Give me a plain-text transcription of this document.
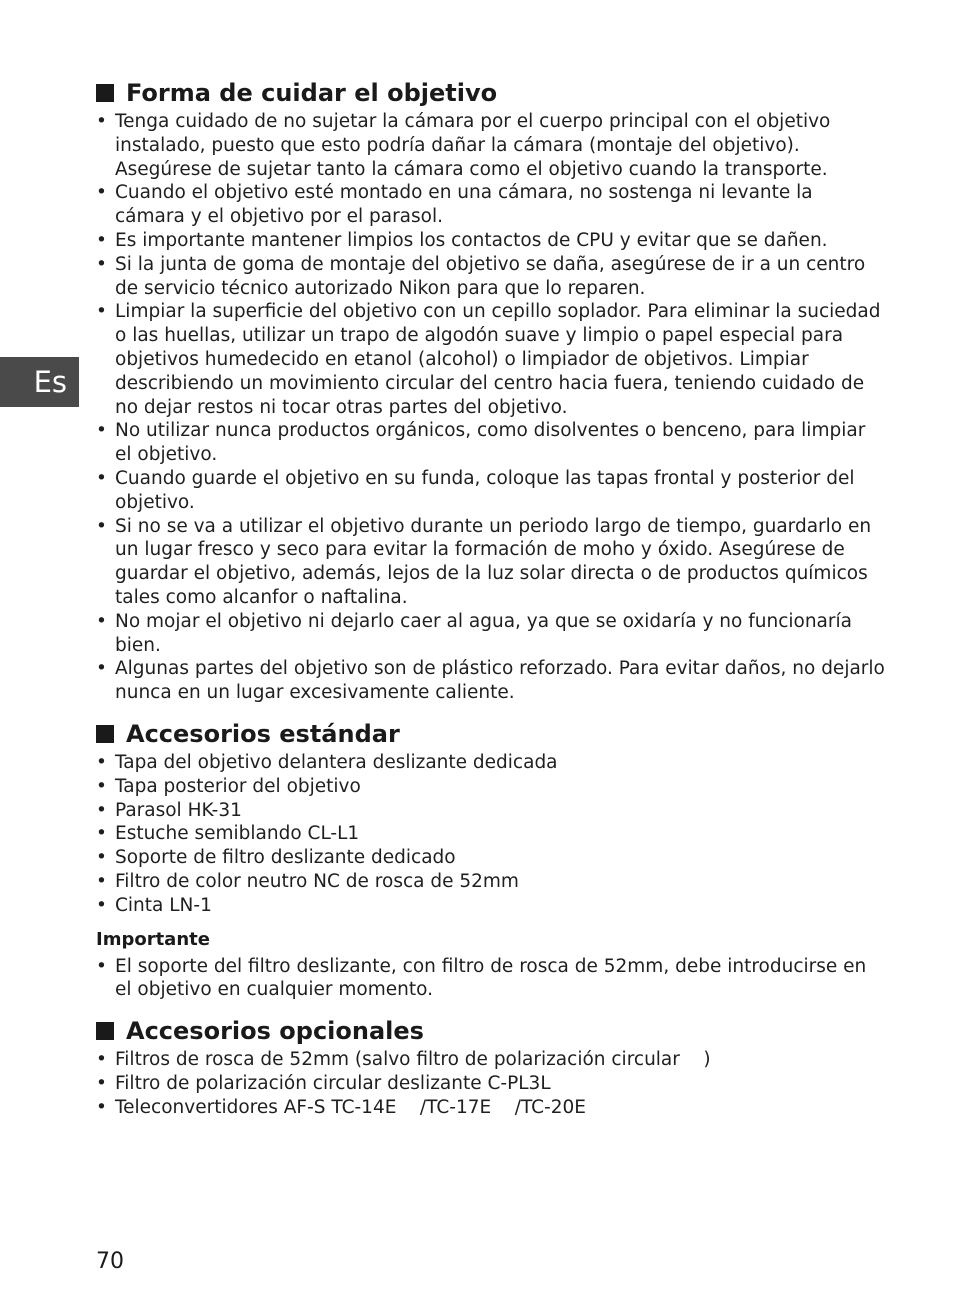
Es
Forma de cuidar el objetivo
• Tenga cuidado de no sujetar la cámara por el cuerpo principal con el objetivo instalado, puesto que esto podría dañar la cámara (montaje del objetivo). Asegúrese de sujetar tanto la cámara como el objetivo cuando la transporte.
• Cuando el objetivo esté montado en una cámara, no sostenga ni levante la cámara y el objetivo por el parasol.
• Es importante mantener limpios los contactos de CPU y evitar que se dañen.
• Si la junta de goma de montaje del objetivo se daña, asegúrese de ir a un centro de servicio técnico autorizado Nikon para que lo reparen.
• Limpiar la superficie del objetivo con un cepillo soplador. Para eliminar la suciedad o las huellas, utilizar un trapo de algodón suave y limpio o papel especial para objetivos humedecido en etanol (alcohol) o limpiador de objetivos. Limpiar describiendo un movimiento circular del centro hacia fuera, teniendo cuidado de no dejar restos ni tocar otras partes del objetivo.
• No utilizar nunca productos orgánicos, como disolventes o benceno, para limpiar el objetivo.
• Cuando guarde el objetivo en su funda, coloque las tapas frontal y posterior del objetivo.
• Si no se va a utilizar el objetivo durante un periodo largo de tiempo, guardarlo en un lugar fresco y seco para evitar la formación de moho y óxido. Asegúrese de guardar el objetivo, además, lejos de la luz solar directa o de productos químicos tales como alcanfor o naftalina.
• No mojar el objetivo ni dejarlo caer al agua, ya que se oxidaría y no funcionaría bien.
• Algunas partes del objetivo son de plástico reforzado. Para evitar daños, no dejarlo nunca en un lugar excesivamente caliente.
Accesorios estándar
• Tapa del objetivo delantera deslizante dedicada
• Tapa posterior del objetivo
• Parasol HK-31
• Estuche semiblando CL-L1
• Soporte de filtro deslizante dedicado
• Filtro de color neutro NC de rosca de 52mm
• Cinta LN-1
Importante
• El soporte del filtro deslizante, con filtro de rosca de 52mm, debe introducirse en el objetivo en cualquier momento.
Accesorios opcionales
• Filtros de rosca de 52mm (salvo filtro de polarización circular    )
• Filtro de polarización circular deslizante C-PL3L
• Teleconvertidores AF-S TC-14E    /TC-17E    /TC-20E
70
